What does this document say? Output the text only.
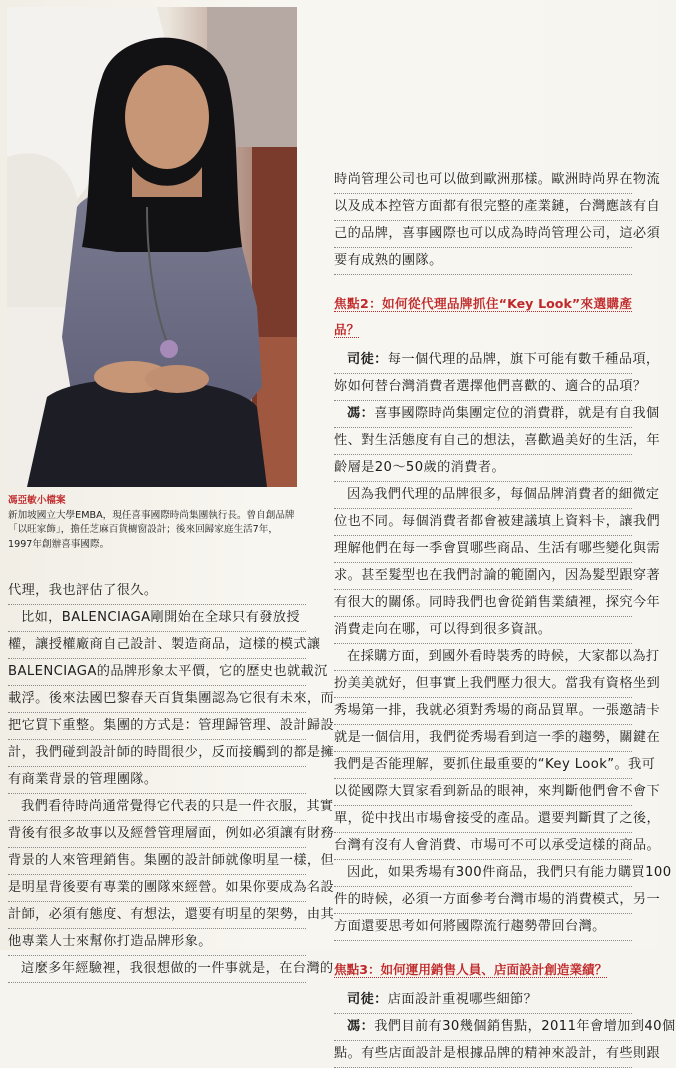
馮亞敏小檔案
新加坡國立大學EMBA，現任喜事國際時尚集團執行長。曾自創品牌「以旺家飾」，擔任芝麻百貨櫥窗設計；後來回歸家庭生活7年，1997年創辦喜事國際。
代理，我也評估了很久。
比如，BALENCIAGA剛開始在全球只有發放授
權，讓授權廠商自己設計、製造商品，這樣的模式讓
BALENCIAGA的品牌形象太平價，它的歷史也就載沉
載浮。後來法國巴黎春天百貨集團認為它很有未來，而
把它買下重整。集團的方式是：管理歸管理、設計歸設
計，我們碰到設計師的時間很少，反而接觸到的都是擁
有商業背景的管理團隊。
我們看待時尚通常覺得它代表的只是一件衣服，其實
背後有很多故事以及經營管理層面，例如必須讓有財務
背景的人來管理銷售。集團的設計師就像明星一樣，但
是明星背後要有專業的團隊來經營。如果你要成為名設
計師，必須有態度、有想法，還要有明星的架勢，由其
他專業人士來幫你打造品牌形象。
這麼多年經驗裡，我很想做的一件事就是，在台灣的
時尚管理公司也可以做到歐洲那樣。歐洲時尚界在物流
以及成本控管方面都有很完整的產業鏈，台灣應該有自
己的品牌，喜事國際也可以成為時尚管理公司，這必須
要有成熟的團隊。

焦點2：如何從代理品牌抓住“Key Look”來選購產品？

司徒：每一個代理的品牌，旗下可能有數千種品項，
妳如何替台灣消費者選擇他們喜歡的、適合的品項？
馮：喜事國際時尚集團定位的消費群，就是有自我個
性、對生活態度有自己的想法，喜歡過美好的生活，年
齡層是20～50歲的消費者。
因為我們代理的品牌很多，每個品牌消費者的細微定
位也不同。每個消費者都會被建議填上資料卡，讓我們
理解他們在每一季會買哪些商品、生活有哪些變化與需
求。甚至髮型也在我們討論的範圍內，因為髮型跟穿著
有很大的關係。同時我們也會從銷售業績裡，探究今年
消費走向在哪，可以得到很多資訊。
在採購方面，到國外看時裝秀的時候，大家都以為打
扮美美就好，但事實上我們壓力很大。當我有資格坐到
秀場第一排，我就必須對秀場的商品買單。一張邀請卡
就是一個信用，我們從秀場看到這一季的趨勢，關鍵在
我們是否能理解，要抓住最重要的“Key Look”。我可
以從國際大買家看到新品的眼神，來判斷他們會不會下
單，從中找出市場會接受的產品。還要判斷貫了之後，
台灣有沒有人會消費、市場可不可以承受這樣的商品。
因此，如果秀場有300件商品，我們只有能力購買100
件的時候，必須一方面參考台灣市場的消費模式，另一
方面還要思考如何將國際流行趨勢帶回台灣。

焦點3：如何運用銷售人員、店面設計創造業績？

司徒：店面設計重視哪些細節？
馮：我們目前有30幾個銷售點，2011年會增加到40個
點。有些店面設計是根據品牌的精神來設計，有些則跟
